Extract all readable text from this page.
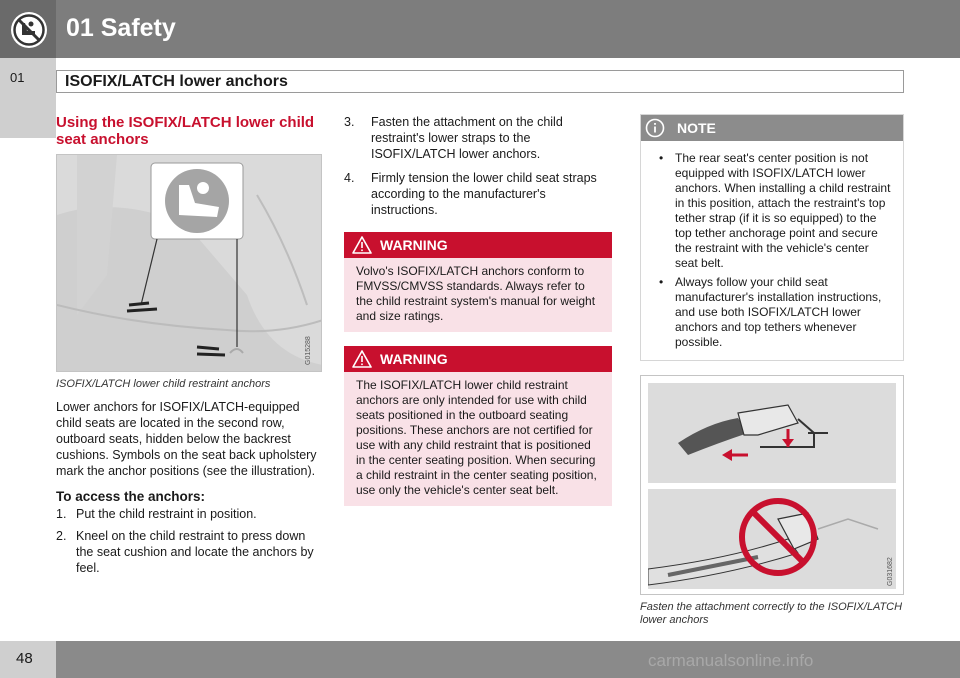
01 Safety
01	ISOFIX/LATCH lower anchors
Using the ISOFIX/LATCH lower child seat anchors
G015288
ISOFIX/LATCH lower child restraint anchors
Lower anchors for ISOFIX/LATCH-equipped child seats are located in the second row, outboard seats, hidden below the backrest cushions. Symbols on the seat back upholstery mark the anchor positions (see the illustration).
To access the anchors:
1. Put the child restraint in position.
2. Kneel on the child restraint to press down the seat cushion and locate the anchors by feel.
3. Fasten the attachment on the child restraint's lower straps to the ISOFIX/LATCH lower anchors.
4. Firmly tension the lower child seat straps according to the manufacturer's instructions.
WARNING
Volvo's ISOFIX/LATCH anchors conform to FMVSS/CMVSS standards. Always refer to the child restraint system's manual for weight and size ratings.
WARNING
The ISOFIX/LATCH lower child restraint anchors are only intended for use with child seats positioned in the outboard seating positions. These anchors are not certified for use with any child restraint that is positioned in the center seating position. When securing a child restraint in the center seating position, use only the vehicle's center seat belt.
NOTE
• The rear seat's center position is not equipped with ISOFIX/LATCH lower anchors. When installing a child restraint in this position, attach the restraint's top tether strap (if it is so equipped) to the top tether anchorage point and secure the restraint with the vehicle's center seat belt.
• Always follow your child seat manufacturer's installation instructions, and use both ISOFIX/LATCH lower anchors and top tethers whenever possible.
G031682
Fasten the attachment correctly to the ISOFIX/LATCH lower anchors
48	carmanualsonline.info
